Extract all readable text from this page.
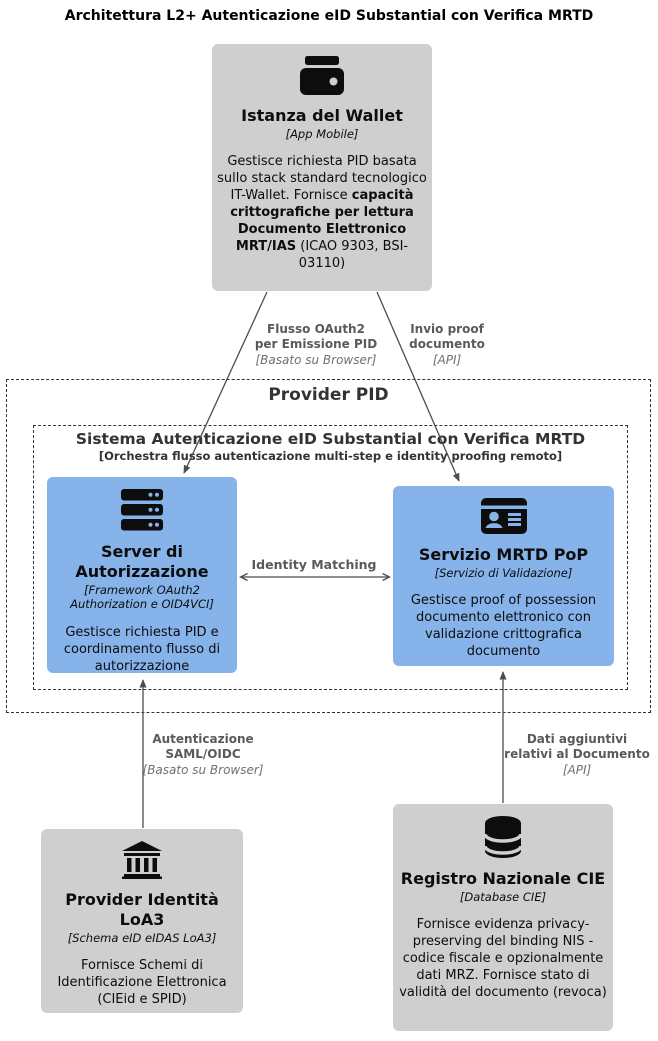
Architettura L2+ Autenticazione eID Substantial con Verifica MRTD
Provider PID
Sistema Autenticazione eID Substantial con Verifica MRTD
[Orchestra flusso autenticazione multi-step e identity proofing remoto]
Istanza del Wallet
[App Mobile]
Gestisce richiesta PID basata sullo stack standard tecnologico IT-Wallet. Fornisce capacità crittografiche per lettura Documento Elettronico MRT/IAS (ICAO 9303, BSI-03110)
Server di Autorizzazione
[Framework OAuth2 Authorization e OID4VCI]
Gestisce richiesta PID e coordinamento flusso di autorizzazione
Servizio MRTD PoP
[Servizio di Validazione]
Gestisce proof of possession documento elettronico con validazione crittografica documento
Provider Identità LoA3
[Schema eID eIDAS LoA3]
Fornisce Schemi di Identificazione Elettronica (CIEid e SPID)
Registro Nazionale CIE
[Database CIE]
Fornisce evidenza privacy-preserving del binding NIS - codice fiscale e opzionalmente dati MRZ. Fornisce stato di validità del documento (revoca)
Flusso OAuth2
per Emissione PID
[Basato su Browser]
Invio proof
documento
[API]
Identity Matching
Autenticazione
SAML/OIDC
[Basato su Browser]
Dati aggiuntivi
relativi al Documento
[API]
